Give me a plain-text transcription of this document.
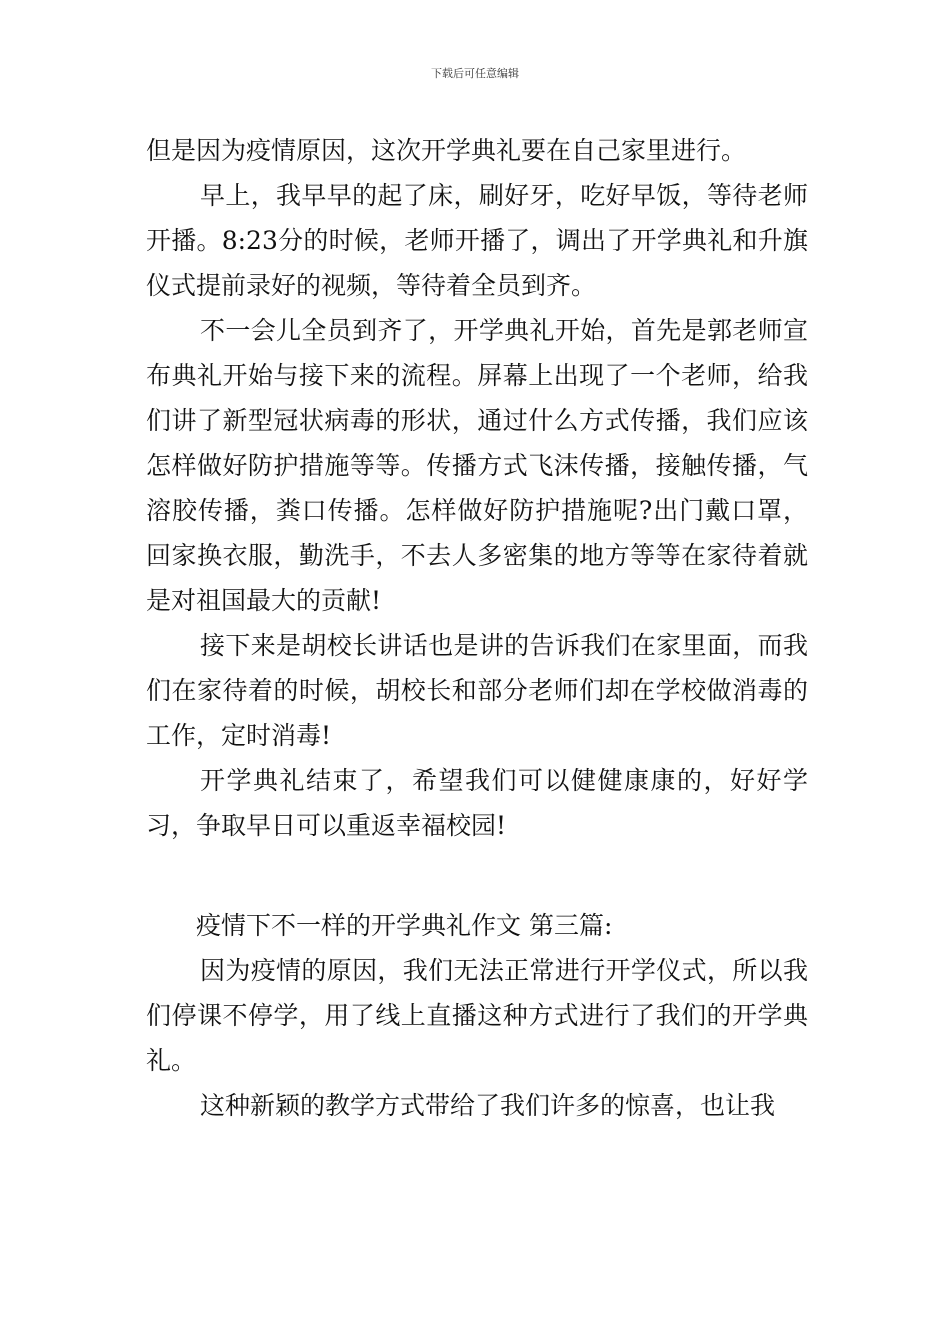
下载后可任意编辑

但是因为疫情原因，这次开学典礼要在自己家里进行。

早上，我早早的起了床，刷好牙，吃好早饭，等待老师开播。8:23分的时候，老师开播了，调出了开学典礼和升旗仪式提前录好的视频，等待着全员到齐。

不一会儿全员到齐了，开学典礼开始，首先是郭老师宣布典礼开始与接下来的流程。屏幕上出现了一个老师，给我们讲了新型冠状病毒的形状，通过什么方式传播，我们应该怎样做好防护措施等等。传播方式飞沫传播，接触传播，气溶胶传播，粪口传播。怎样做好防护措施呢?出门戴口罩，回家换衣服，勤洗手，不去人多密集的地方等等在家待着就是对祖国最大的贡献!

接下来是胡校长讲话也是讲的告诉我们在家里面，而我们在家待着的时候，胡校长和部分老师们却在学校做消毒的工作，定时消毒!

开学典礼结束了，希望我们可以健健康康的，好好学习，争取早日可以重返幸福校园!

疫情下不一样的开学典礼作文 第三篇:

因为疫情的原因，我们无法正常进行开学仪式，所以我们停课不停学，用了线上直播这种方式进行了我们的开学典礼。

这种新颖的教学方式带给了我们许多的惊喜，也让我
